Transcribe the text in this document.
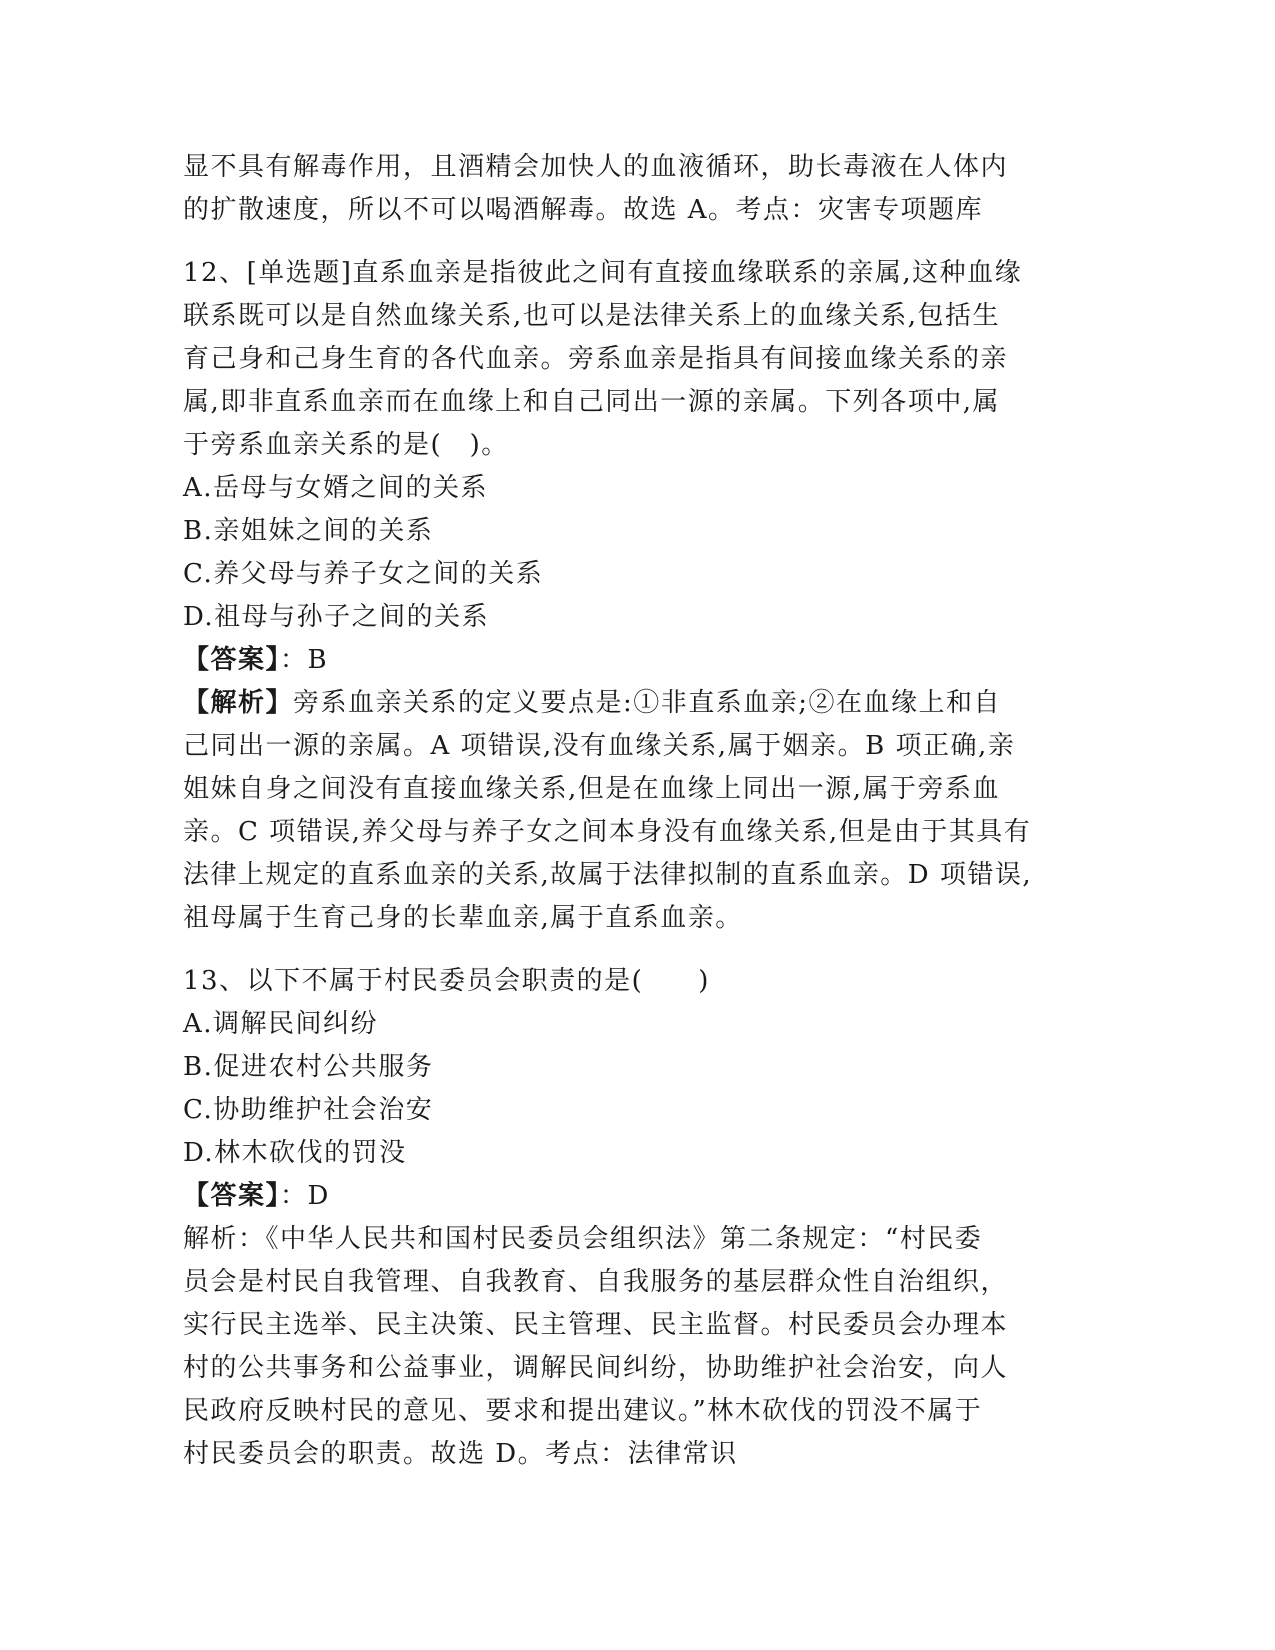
显不具有解毒作用，且酒精会加快人的血液循环，助长毒液在人体内
的扩散速度，所以不可以喝酒解毒。故选 A。考点：灾害专项题库
12、[单选题]直系血亲是指彼此之间有直接血缘联系的亲属,这种血缘
联系既可以是自然血缘关系,也可以是法律关系上的血缘关系,包括生
育己身和己身生育的各代血亲。旁系血亲是指具有间接血缘关系的亲
属,即非直系血亲而在血缘上和自己同出一源的亲属。下列各项中,属
于旁系血亲关系的是(　)。
A.岳母与女婿之间的关系
B.亲姐妹之间的关系
C.养父母与养子女之间的关系
D.祖母与孙子之间的关系
【答案】：B
【解析】旁系血亲关系的定义要点是:①非直系血亲;②在血缘上和自
己同出一源的亲属。A 项错误,没有血缘关系,属于姻亲。B 项正确,亲
姐妹自身之间没有直接血缘关系,但是在血缘上同出一源,属于旁系血
亲。C 项错误,养父母与养子女之间本身没有血缘关系,但是由于其具有
法律上规定的直系血亲的关系,故属于法律拟制的直系血亲。D 项错误,
祖母属于生育己身的长辈血亲,属于直系血亲。
13、以下不属于村民委员会职责的是(　　)
A.调解民间纠纷
B.促进农村公共服务
C.协助维护社会治安
D.林木砍伐的罚没
【答案】：D
解析：《中华人民共和国村民委员会组织法》第二条规定：“村民委
员会是村民自我管理、自我教育、自我服务的基层群众性自治组织，
实行民主选举、民主决策、民主管理、民主监督。村民委员会办理本
村的公共事务和公益事业，调解民间纠纷，协助维护社会治安，向人
民政府反映村民的意见、要求和提出建议。”林木砍伐的罚没不属于
村民委员会的职责。故选 D。考点：法律常识
